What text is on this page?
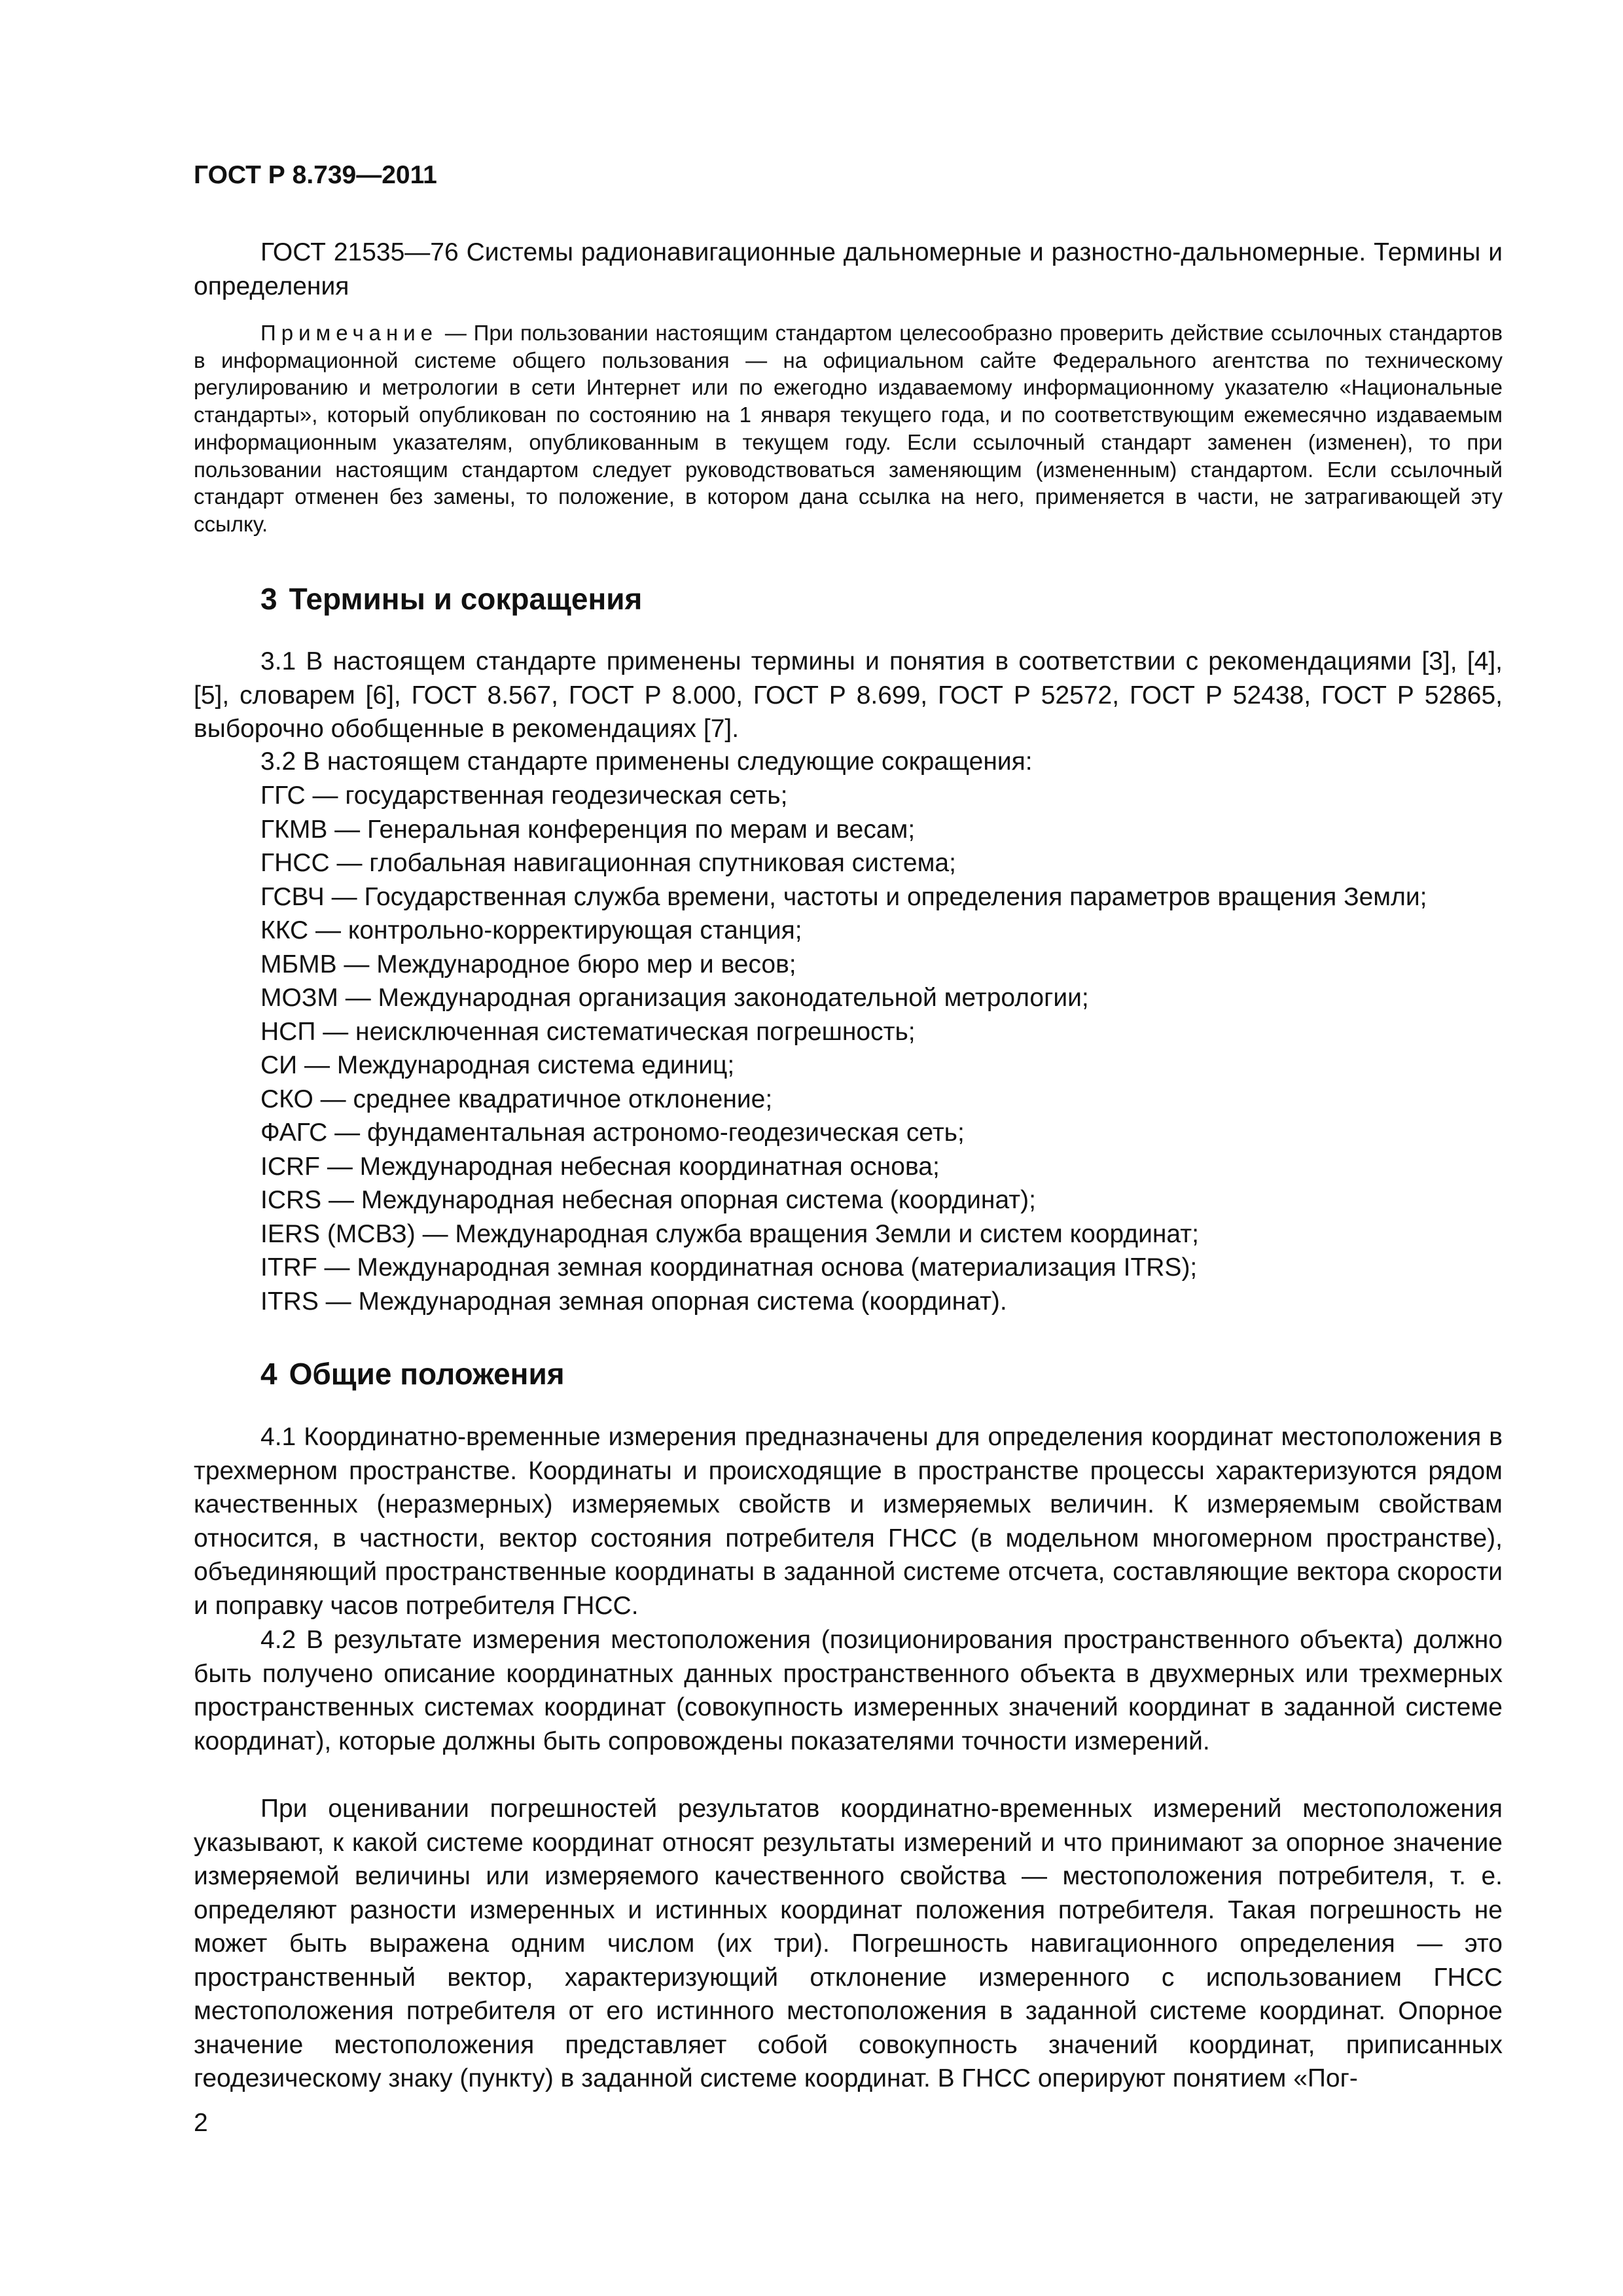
ГОСТ Р 8.739—2011

ГОСТ 21535—76 Системы радионавигационные дальномерные и разностно-дальномерные. Термины и определения

Примечание — При пользовании настоящим стандартом целесообразно проверить действие ссылочных стандартов в информационной системе общего пользования — на официальном сайте Федерального агентства по техническому регулированию и метрологии в сети Интернет или по ежегодно издаваемому информационному указателю «Национальные стандарты», который опубликован по состоянию на 1 января текущего года, и по соответствующим ежемесячно издаваемым информационным указателям, опубликованным в текущем году. Если ссылочный стандарт заменен (изменен), то при пользовании настоящим стандартом следует руководствоваться заменяющим (измененным) стандартом. Если ссылочный стандарт отменен без замены, то положение, в котором дана ссылка на него, применяется в части, не затрагивающей эту ссылку.

3 Термины и сокращения

3.1 В настоящем стандарте применены термины и понятия в соответствии с рекомендациями [3], [4], [5], словарем [6], ГОСТ 8.567, ГОСТ Р 8.000, ГОСТ Р 8.699, ГОСТ Р 52572, ГОСТ Р 52438, ГОСТ Р 52865, выборочно обобщенные в рекомендациях [7].

3.2 В настоящем стандарте применены следующие сокращения:

ГГС — государственная геодезическая сеть;
ГКМВ — Генеральная конференция по мерам и весам;
ГНСС — глобальная навигационная спутниковая система;
ГСВЧ — Государственная служба времени, частоты и определения параметров вращения Земли;
ККС — контрольно-корректирующая станция;
МБМВ — Международное бюро мер и весов;
МОЗМ — Международная организация законодательной метрологии;
НСП — неисключенная систематическая погрешность;
СИ — Международная система единиц;
СКО — среднее квадратичное отклонение;
ФАГС — фундаментальная астрономо-геодезическая сеть;
ICRF — Международная небесная координатная основа;
ICRS — Международная небесная опорная система (координат);
IERS (МСВЗ) — Международная служба вращения Земли и систем координат;
ITRF — Международная земная координатная основа (материализация ITRS);
ITRS — Международная земная опорная система (координат).
4 Общие положения

4.1 Координатно-временные измерения предназначены для определения координат местоположения в трехмерном пространстве. Координаты и происходящие в пространстве процессы характеризуются рядом качественных (неразмерных) измеряемых свойств и измеряемых величин. К измеряемым свойствам относится, в частности, вектор состояния потребителя ГНСС (в модельном многомерном пространстве), объединяющий пространственные координаты в заданной системе отсчета, составляющие вектора скорости и поправку часов потребителя ГНСС.

4.2 В результате измерения местоположения (позиционирования пространственного объекта) должно быть получено описание координатных данных пространственного объекта в двухмерных или трехмерных пространственных системах координат (совокупность измеренных значений координат в заданной системе координат), которые должны быть сопровождены показателями точности измерений.

При оценивании погрешностей результатов координатно-временных измерений местоположения указывают, к какой системе координат относят результаты измерений и что принимают за опорное значение измеряемой величины или измеряемого качественного свойства — местоположения потребителя, т. е. определяют разности измеренных и истинных координат положения потребителя. Такая погрешность не может быть выражена одним числом (их три). Погрешность навигационного определения — это пространственный вектор, характеризующий отклонение измеренного с использованием ГНСС местоположения потребителя от его истинного местоположения в заданной системе координат. Опорное значение местоположения представляет собой совокупность значений координат, приписанных геодезическому знаку (пункту) в заданной системе координат. В ГНСС оперируют понятием «Пог-

2
